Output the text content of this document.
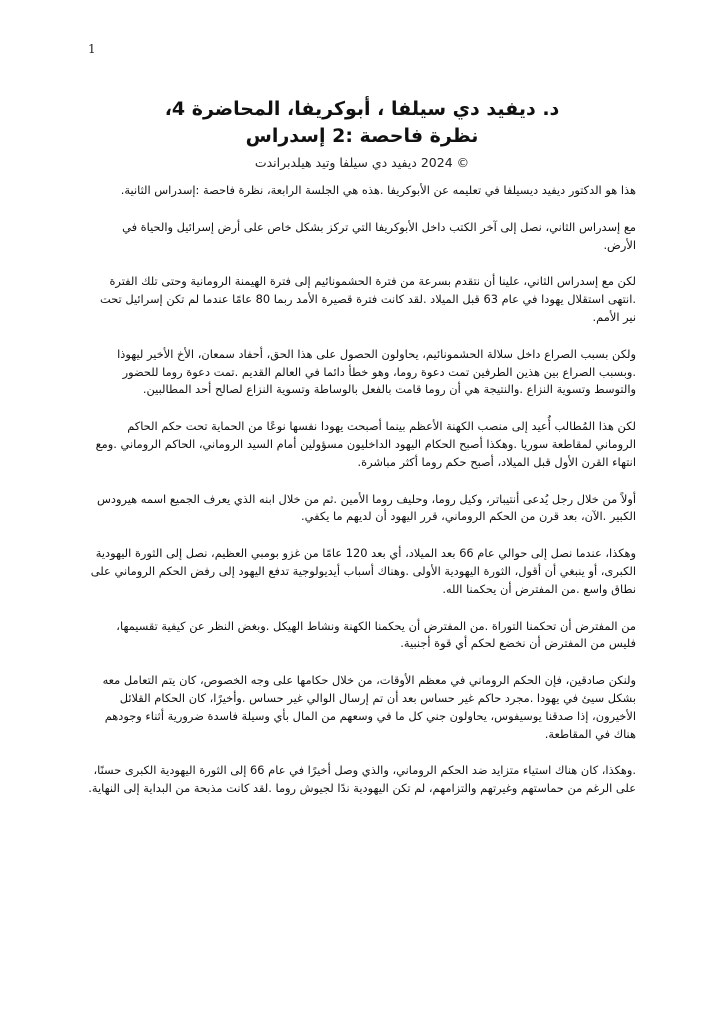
1

د. ديفيد دي سيلفا ، أبوكريفا، المحاضرة 4،

نظرة فاحصة :2 إسدراس

© 2024 ديفيد دي سيلفا وتيد هيلدبراندت

هذا هو الدكتور ديفيد ديسيلفا في تعليمه عن الأبوكريفا .هذه هي الجلسة الرابعة، نظرة فاحصة :إسدراس الثانية.

مع إسدراس الثاني، نصل إلى آخر الكتب داخل الأبوكريفا التي تركز بشكل خاص على أرض إسرائيل والحياة في الأرض.

لكن مع إسدراس الثاني، علينا أن نتقدم بسرعة من فترة الحشمونائيم إلى فترة الهيمنة الرومانية وحتى تلك الفترة .انتهى استقلال يهودا في عام 63 قبل الميلاد .لقد كانت فترة قصيرة الأمد ربما 80 عامًا عندما لم تكن إسرائيل تحت نير الأمم.

ولكن بسبب الصراع داخل سلالة الحشمونائيم، يحاولون الحصول على هذا الحق، أحفاد سمعان، الأخ الأخير ليهوذا .وبسبب الصراع بين هذين الطرفين تمت دعوة روما، وهو خطأ دائما في العالم القديم .تمت دعوة روما للحضور والتوسط وتسوية النزاع .والنتيجة هي أن روما قامت بالفعل بالوساطة وتسوية النزاع لصالح أحد المطالبين.

لكن هذا المُطالب أُعيد إلى منصب الكهنة الأعظم بينما أصبحت يهودا نفسها نوعًا من الحماية تحت حكم الحاكم الروماني لمقاطعة سوريا .وهكذا أصبح الحكام اليهود الداخليون مسؤولين أمام السيد الروماني، الحاكم الروماني .ومع انتهاء القرن الأول قبل الميلاد، أصبح حكم روما أكثر مباشرة.

أولاً من خلال رجل يُدعى أنتيباتر، وكيل روما، وحليف روما الأمين .ثم من خلال ابنه الذي يعرف الجميع اسمه هيرودس الكبير .الآن، بعد قرن من الحكم الروماني، قرر اليهود أن لديهم ما يكفي.

وهكذا، عندما نصل إلى حوالي عام 66 بعد الميلاد، أي بعد 120 عامًا من غزو بومبي العظيم، نصل إلى الثورة اليهودية الكبرى، أو ينبغي أن أقول، الثورة اليهودية الأولى .وهناك أسباب أيديولوجية تدفع اليهود إلى رفض الحكم الروماني على نطاق واسع .من المفترض أن يحكمنا الله.

من المفترض أن تحكمنا التوراة .من المفترض أن يحكمنا الكهنة ونشاط الهيكل .وبغض النظر عن كيفية تقسيمها، فليس من المفترض أن نخضع لحكم أي قوة أجنبية.

ولنكن صادقين، فإن الحكم الروماني في معظم الأوقات، من خلال حكامها على وجه الخصوص، كان يتم التعامل معه بشكل سيئ في يهودا .مجرد حاكم غير حساس بعد أن تم إرسال الوالي غير حساس .وأخيرًا، كان الحكام القلائل الأخيرون، إذا صدقنا يوسيفوس، يحاولون جني كل ما في وسعهم من المال بأي وسيلة فاسدة ضرورية أثناء وجودهم هناك في المقاطعة.

.وهكذا، كان هناك استياء متزايد ضد الحكم الروماني، والذي وصل أخيرًا في عام 66 إلى الثورة اليهودية الكبرى حسنًا، على الرغم من حماستهم وغيرتهم والتزامهم، لم تكن اليهودية ندًا لجيوش روما .لقد كانت مذبحة من البداية إلى النهاية.
